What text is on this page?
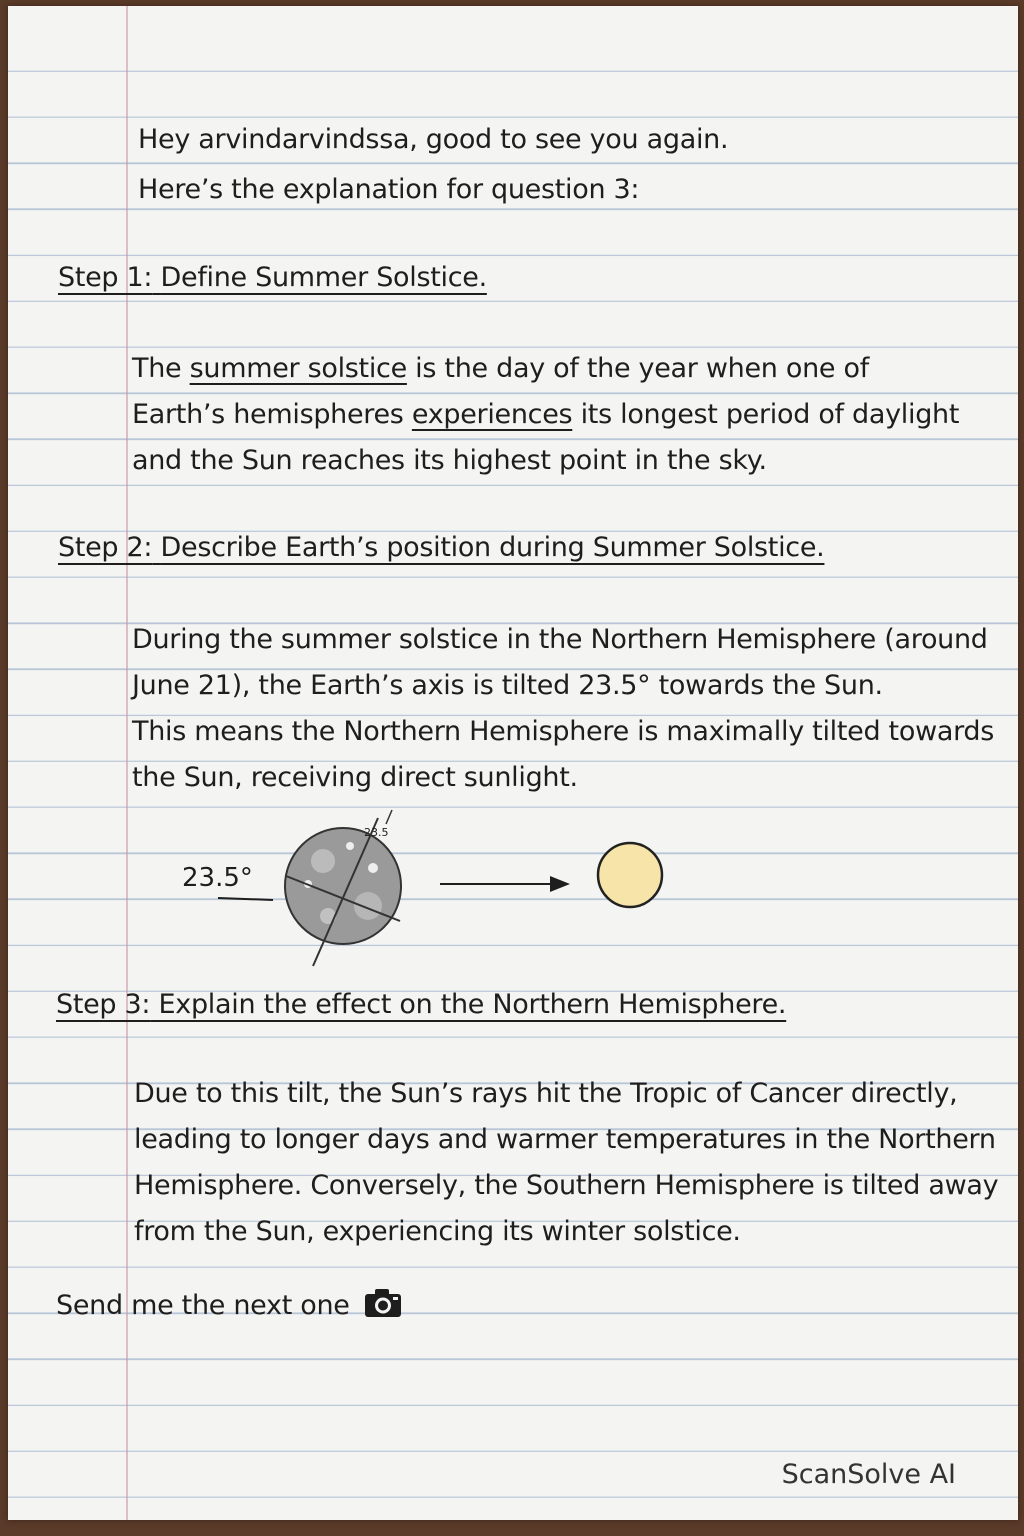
Hey arvindarvindssa, good to see you again.
Here’s the explanation for question 3:
Step 1: Define Summer Solstice.
The summer solstice is the day of the year when one of
Earth’s hemispheres experiences its longest period of daylight
and the Sun reaches its highest point in the sky.
Step 2: Describe Earth’s position during Summer Solstice.
During the summer solstice in the Northern Hemisphere (around
June 21), the Earth’s axis is tilted 23.5° towards the Sun.
This means the Northern Hemisphere is maximally tilted towards
the Sun, receiving direct sunlight.
23.5°
23.5
Step 3: Explain the effect on the Northern Hemisphere.
Due to this tilt, the Sun’s rays hit the Tropic of Cancer directly,
leading to longer days and warmer temperatures in the Northern
Hemisphere. Conversely, the Southern Hemisphere is tilted away
from the Sun, experiencing its winter solstice.
Send me the next one
ScanSolve AI
